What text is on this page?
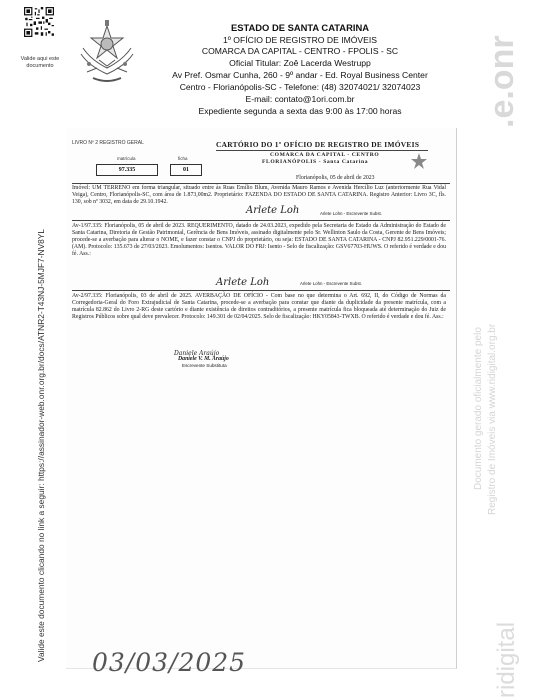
Valide aqui este documento
ESTADO DE SANTA CATARINA
1º OFÍCIO DE REGISTRO DE IMÓVEIS
COMARCA DA CAPITAL - CENTRO - FPOLIS - SC
Oficial Titular: Zoê Lacerda Westrupp
Av Pref. Osmar Cunha, 260 - 9º andar - Ed. Royal Business Center
Centro - Florianópolis-SC - Telefone: (48) 32074021/ 32074023
E-mail: contato@1ori.com.br
Expediente segunda a sexta das 9:00 às 17:00 horas
Valide este documento clicando no link a seguir: https://assinador-web.onr.org.br/docs/ATNR2-T43NJ-5MJF7-NV8YL
.e.onr
Documento gerado oficialmente pelo Registro de Imóveis via www.ridigital.org.br
ridigital
LIVRO Nº 2 REGISTRO GERAL	CARTÓRIO DO 1º OFÍCIO DE REGISTRO DE IMÓVEIS
COMARCA DA CAPITAL - CENTRO
FLORIANÓPOLIS - Santa Catarina
matrícula
97.335
ficha
01
Florianópolis, 05 de abril de 2023
Imóvel: UM TERRENO em forma triangular, situado entre às Ruas Emílio Blum, Avenida Mauro Ramos e Avenida Hercílio Luz (anteriormente Rua Vidal Veiga), Centro, Florianópolis-SC, com área de 1.873,00m2. Proprietário: FAZENDA DO ESTADO DE SANTA CATARINA. Registro Anterior: Livro 3C, fls. 130, sob nº 3032, em data de 29.10.1942.
Arlete Loh	Arlete Lohn - Escrevente Subst.
Av-1/97.335: Florianópolis, 05 de abril de 2023. REQUERIMENTO, datado de 24.03.2023, expedido pela Secretaria de Estado da Administração do Estado de Santa Catarina, Diretoria de Gestão Patrimonial, Gerência de Bens Imóveis, assinado digitalmente pelo Sr. Wellinton Saulo da Costa, Gerente de Bens Imóveis; procede-se a averbação para alterar o NOME, e fazer constar o CNPJ do proprietário, ou seja: ESTADO DE SANTA CATARINA - CNPJ 82.951.229/0001-76. (AM). Protocolo: 135.673 de 27/03/2023. Emolumentos: Isentos. VALOR DO FRJ: Isento - Selo de fiscalização: GSV67703-HUWS. O referido é verdade e dou fé. Ass.:
Arlete Loh	Arlete Lohn - Escrevente Subst.
Av-2/97.335: Florianópolis, 03 de abril de 2025. AVERBAÇÃO DE OFÍCIO - Com base no que determina o Art. 692, II, do Código de Normas da Corregedoria-Geral do Foro Extrajudicial de Santa Catarina, procede-se a averbação para constar que diante da duplicidade da presente matrícula, com a matrícula 82.862 do Livro 2-RG deste cartório e diante existência de direitos contraditórios, a presente matrícula fica bloqueada até determinação do Juiz de Registros Públicos sobre qual deve prevalecer. Protocolo: 149.301 de 02/04/2025. Selo de fiscalização: HKY05843-TWXB. O referido é verdade e dou fé. Ass.:
Daniele Araújo
Daniele V. M. Araújo
Escrevente Substituta
03/03/2025
